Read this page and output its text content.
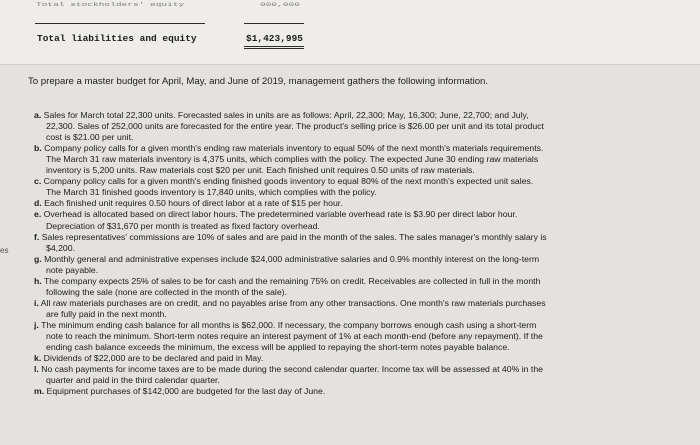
Total stockholders' equity	000,000
Total liabilities and equity	$1,423,995
To prepare a master budget for April, May, and June of 2019, management gathers the following information.
es
a. Sales for March total 22,300 units. Forecasted sales in units are as follows: April, 22,300; May, 16,300; June, 22,700; and July,
22,300. Sales of 252,000 units are forecasted for the entire year. The product's selling price is $26.00 per unit and its total product
cost is $21.00 per unit.
b. Company policy calls for a given month's ending raw materials inventory to equal 50% of the next month's materials requirements.
The March 31 raw materials inventory is 4,375 units, which complies with the policy. The expected June 30 ending raw materials
inventory is 5,200 units. Raw materials cost $20 per unit. Each finished unit requires 0.50 units of raw materials.
c. Company policy calls for a given month's ending finished goods inventory to equal 80% of the next month's expected unit sales.
The March 31 finished goods inventory is 17,840 units, which complies with the policy.
d. Each finished unit requires 0.50 hours of direct labor at a rate of $15 per hour.
e. Overhead is allocated based on direct labor hours. The predetermined variable overhead rate is $3.90 per direct labor hour.
Depreciation of $31,670 per month is treated as fixed factory overhead.
f. Sales representatives' commissions are 10% of sales and are paid in the month of the sales. The sales manager's monthly salary is
$4,200.
g. Monthly general and administrative expenses include $24,000 administrative salaries and 0.9% monthly interest on the long-term
note payable.
h. The company expects 25% of sales to be for cash and the remaining 75% on credit. Receivables are collected in full in the month
following the sale (none are collected in the month of the sale).
i. All raw materials purchases are on credit, and no payables arise from any other transactions. One month's raw materials purchases
are fully paid in the next month.
j. The minimum ending cash balance for all months is $62,000. If necessary, the company borrows enough cash using a short-term
note to reach the minimum. Short-term notes require an interest payment of 1% at each month-end (before any repayment). If the
ending cash balance exceeds the minimum, the excess will be applied to repaying the short-term notes payable balance.
k. Dividends of $22,000 are to be declared and paid in May.
l. No cash payments for income taxes are to be made during the second calendar quarter. Income tax will be assessed at 40% in the
quarter and paid in the third calendar quarter.
m. Equipment purchases of $142,000 are budgeted for the last day of June.
